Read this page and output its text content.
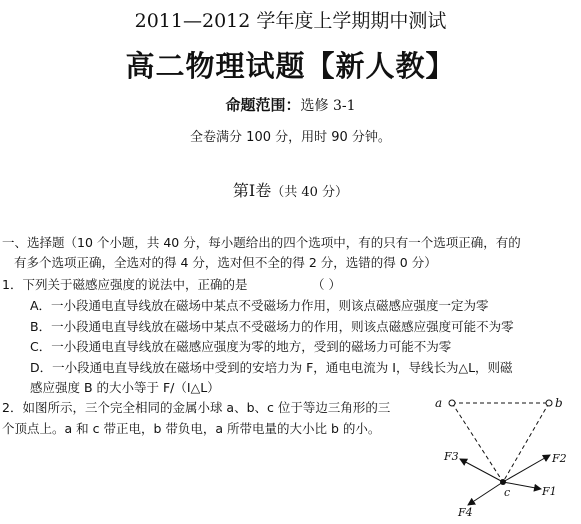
2011—2012 学年度上学期期中测试
高二物理试题【新人教】
命题范围：选修 3-1
全卷满分 100 分，用时 90 分钟。
第Ⅰ卷（共 40 分）
一、选择题（10 个小题，共 40 分，每小题给出的四个选项中，有的只有一个选项正确，有的
有多个选项正确，全选对的得 4 分，选对但不全的得 2 分，选错的得 0 分）
1．下列关于磁感应强度的说法中，正确的是	（ ）
A．一小段通电直导线放在磁场中某点不受磁场力作用，则该点磁感应强度一定为零
B．一小段通电直导线放在磁场中某点不受磁场力的作用，则该点磁感应强度可能不为零
C．一小段通电直导线放在磁感应强度为零的地方，受到的磁场力可能不为零
D．一小段通电直导线放在磁场中受到的安培力为 F，通电电流为 I，导线长为△L，则磁
感应强度 B 的大小等于 F/（I△L）
2．如图所示，三个完全相同的金属小球 a、b、c 位于等边三角形的三
个顶点上。a 和 c 带正电，b 带负电，a 所带电量的大小比 b 的小。
a	b
c	F1
F2
F3
F4
